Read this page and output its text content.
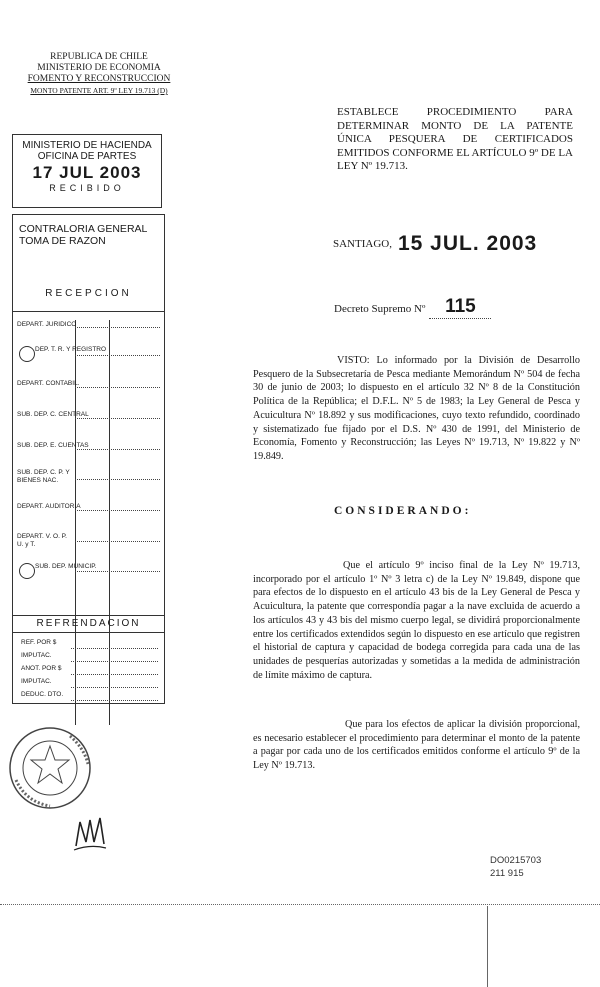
REPUBLICA DE CHILE
MINISTERIO DE ECONOMIA
FOMENTO Y RECONSTRUCCION
MONTO PATENTE ART. 9º LEY 19.713 (D)
ESTABLECE PROCEDIMIENTO PARA DETERMINAR MONTO DE LA PATENTE ÚNICA PESQUERA DE CERTIFICADOS EMITIDOS CONFORME EL ARTÍCULO 9º DE LA LEY Nº 19.713.
MINISTERIO DE HACIENDA
OFICINA DE PARTES
17 JUL 2003
RECIBIDO
CONTRALORIA GENERAL
TOMA DE RAZON
RECEPCION
DEPART. JURIDICO
DEP. T. R. Y REGISTRO
DEPART. CONTABIL.
SUB. DEP. C. CENTRAL
SUB. DEP. E. CUENTAS
SUB. DEP. C. P. Y BIENES NAC.
DEPART. AUDITORIA
DEPART. V. O. P. U. y T.
SUB. DEP. MUNICIP.
REFRENDACION
REF. POR $
IMPUTAC.
ANOT. POR $
IMPUTAC.
DEDUC. DTO.
SANTIAGO, 15 JUL. 2003
Decreto Supremo Nº 115
VISTO: Lo informado por la División de Desarrollo Pesquero de la Subsecretaría de Pesca mediante Memorándum Nº 504 de fecha 30 de junio de 2003; lo dispuesto en el artículo 32 Nº 8 de la Constitución Política de la República; el D.F.L. Nº 5 de 1983; la Ley General de Pesca y Acuicultura Nº 18.892 y sus modificaciones, cuyo texto refundido, coordinado y sistematizado fue fijado por el D.S. Nº 430 de 1991, del Ministerio de Economía, Fomento y Reconstrucción; las Leyes Nº 19.713, Nº 19.822 y Nº 19.849.
CONSIDERANDO:
Que el artículo 9º inciso final de la Ley Nº 19.713, incorporado por el artículo 1º Nº 3 letra c) de la Ley Nº 19.849, dispone que para efectos de lo dispuesto en el artículo 43 bis de la Ley General de Pesca y Acuicultura, la patente que correspondía pagar a la nave excluida de acuerdo a los artículos 43 y 43 bis del mismo cuerpo legal, se dividirá proporcionalmente entre los certificados extendidos según lo dispuesto en ese artículo que registren el historial de captura y capacidad de bodega corregida para cada una de las unidades de pesquerías autorizadas y sometidas a la medida de administración de límite máximo de captura.
Que para los efectos de aplicar la división proporcional, es necesario establecer el procedimiento para determinar el monto de la patente a pagar por cada uno de los certificados emitidos conforme el artículo 9º de la Ley Nº 19.713.
DO0215703
211 915
